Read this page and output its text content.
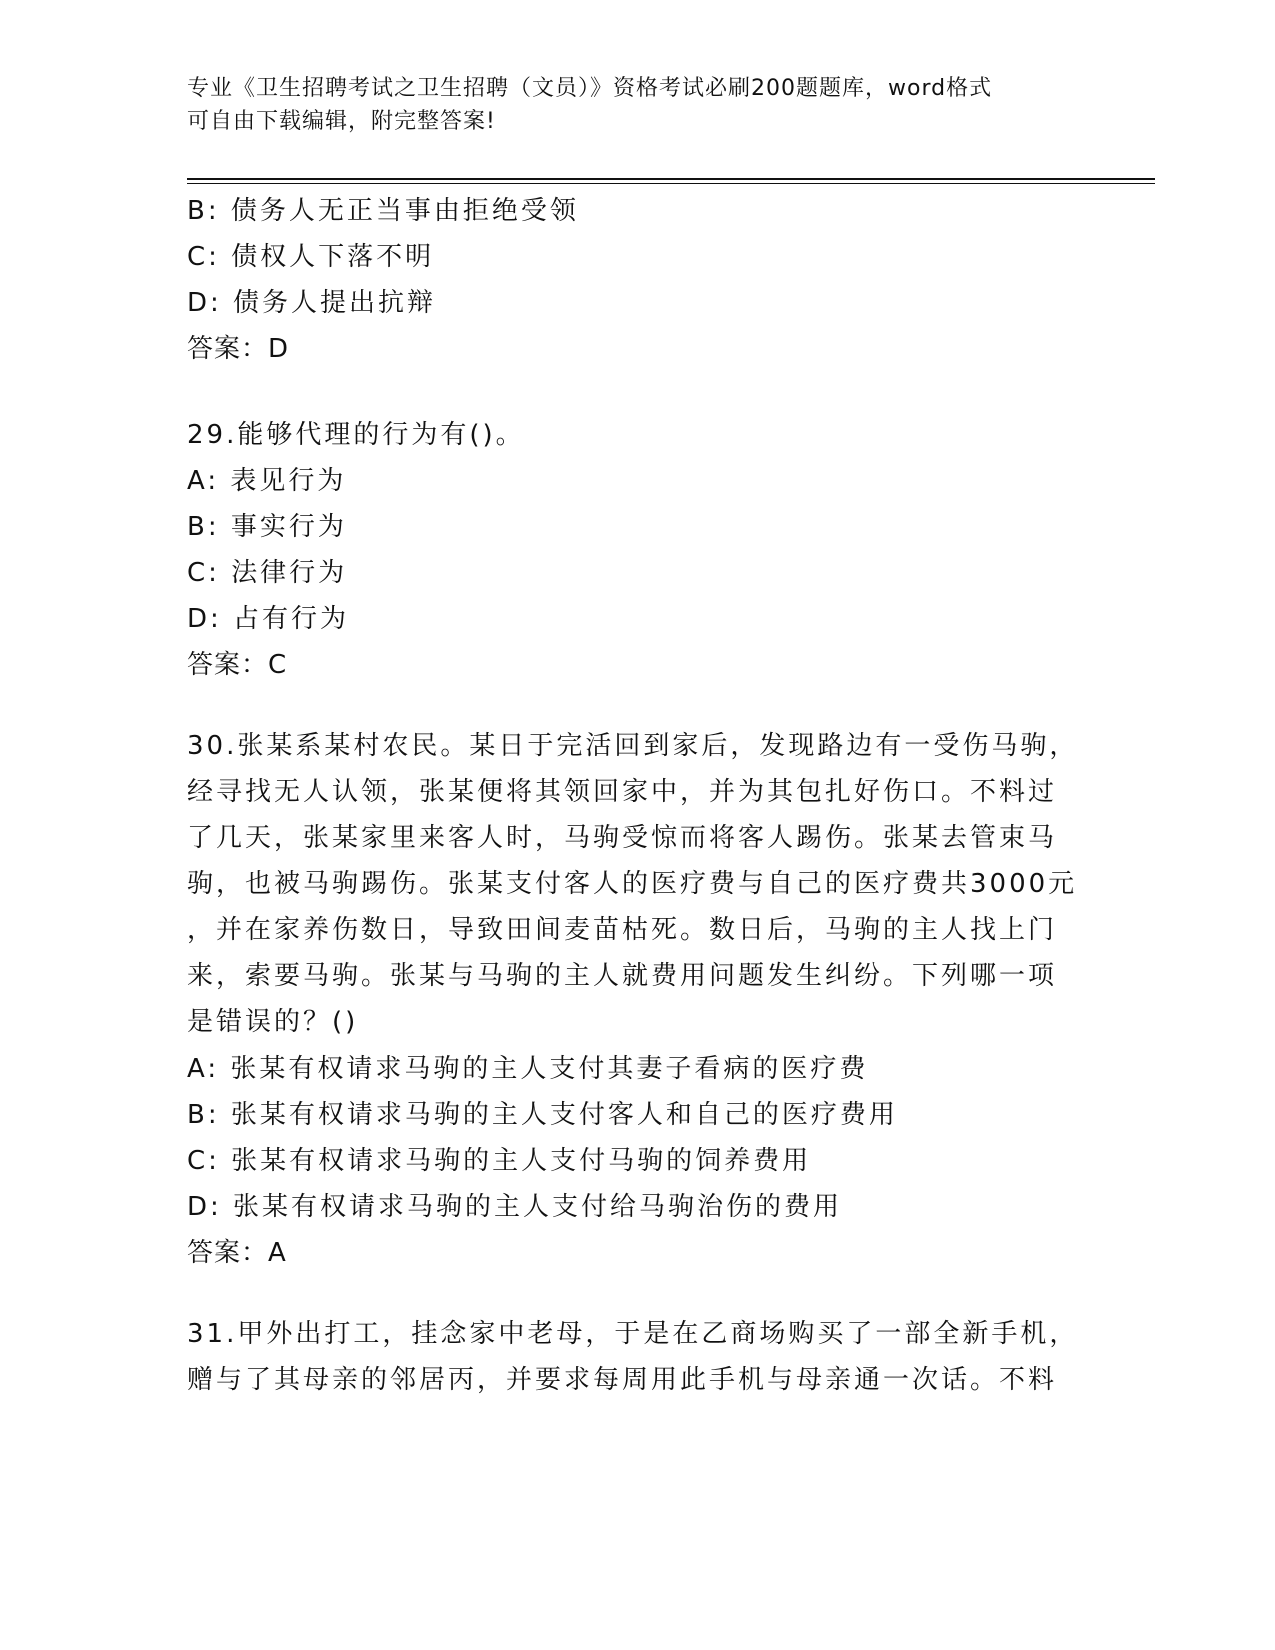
专业《卫生招聘考试之卫生招聘（文员）》资格考试必刷200题题库，word格式
可自由下载编辑，附完整答案!
B: 债务人无正当事由拒绝受领
C: 债权人下落不明
D: 债务人提出抗辩
答案：D
29.能够代理的行为有()。
A: 表见行为
B: 事实行为
C: 法律行为
D: 占有行为
答案：C
30.张某系某村农民。某日于完活回到家后，发现路边有一受伤马驹，
经寻找无人认领，张某便将其领回家中，并为其包扎好伤口。不料过
了几天，张某家里来客人时，马驹受惊而将客人踢伤。张某去管束马
驹，也被马驹踢伤。张某支付客人的医疗费与自己的医疗费共3000元
，并在家养伤数日，导致田间麦苗枯死。数日后，马驹的主人找上门
来，索要马驹。张某与马驹的主人就费用问题发生纠纷。下列哪一项
是错误的？()
A: 张某有权请求马驹的主人支付其妻子看病的医疗费
B: 张某有权请求马驹的主人支付客人和自己的医疗费用
C: 张某有权请求马驹的主人支付马驹的饲养费用
D: 张某有权请求马驹的主人支付给马驹治伤的费用
答案：A
31.甲外出打工，挂念家中老母，于是在乙商场购买了一部全新手机，
赠与了其母亲的邻居丙，并要求每周用此手机与母亲通一次话。不料
